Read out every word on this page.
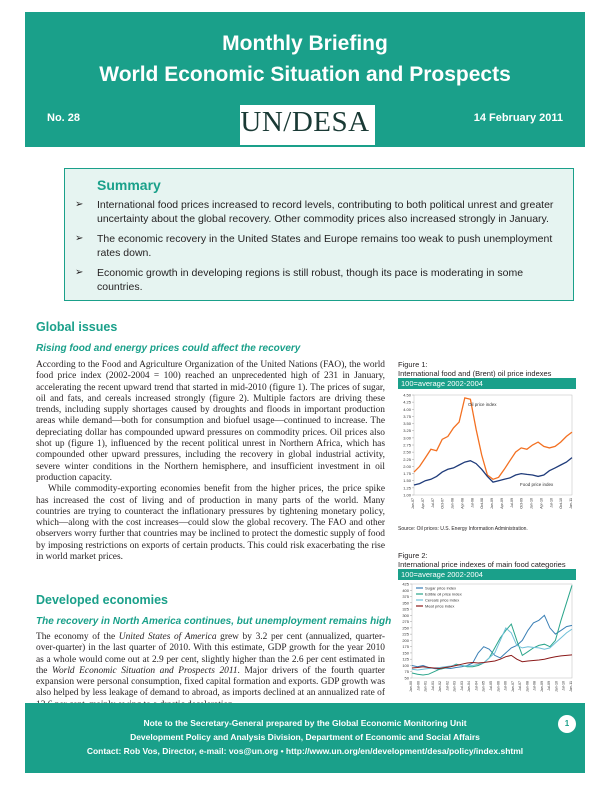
Monthly Briefing
World Economic Situation and Prospects
UN/DESA
No. 28	14 February 2011
Summary
➢ International food prices increased to record levels, contributing to both political unrest and greater uncertainty about the global recovery. Other commodity prices also increased strongly in January.
➢ The economic recovery in the United States and Europe remains too weak to push unemployment rates down.
➢ Economic growth in developing regions is still robust, though its pace is moderating in some countries.
Global issues
Rising food and energy prices could affect the recovery

According to the Food and Agriculture Organization of the United Nations (FAO), the world food price index (2002-2004 = 100) reached an unprecedented high of 231 in January, accelerating the recent upward trend that started in mid-2010 (figure 1). The prices of sugar, oil and fats, and cereals increased strongly (figure 2). Multiple factors are driving these trends, including supply shortages caused by droughts and floods in important production areas while demand—both for consumption and biofuel usage—continued to increase. The depreciating dollar has compounded upward pressures on commodity prices. Oil prices also shot up (figure 1), influenced by the recent political unrest in Northern Africa, which has compounded other upward pressures, including the recovery in global industrial activity, severe winter conditions in the Northern hemisphere, and insufficient investment in oil production capacity.

While commodity-exporting economies benefit from the higher prices, the price spike has increased the cost of living and of production in many parts of the world. Many countries are trying to counteract the inflationary pressures by tightening monetary policy, which—along with the cost increases—could slow the global recovery. The FAO and other observers worry further that countries may be inclined to protect the domestic supply of food by imposing restrictions on exports of certain products. This could risk exacerbating the rise in world market prices.

Developed economies
The recovery in North America continues, but unemployment remains high

The economy of the United States of America grew by 3.2 per cent (annualized, quarter-over-quarter) in the last quarter of 2010. With this estimate, GDP growth for the year 2010 as a whole would come out at 2.9 per cent, slightly higher than the 2.6 per cent estimated in the World Economic Situation and Prospects 2011. Major drivers of the fourth quarter expansion were personal consumption, fixed capital formation and exports. GDP growth was also helped by less leakage of demand to abroad, as imports declined at an annualized rate of

Figure 1:
International food and (Brent) oil price indexes
100=average 2002-2004
1.00
1.25
1.50
1.75
2.00
2.25
2.50
2.75
3.00
3.25
3.50
3.75
4.00
4.25
4.50
Jan-07 Apr-07 Jul-07 Oct-07 Jan-08 Apr-08 Jul-08 Oct-08 Jan-09 Apr-09 Jul-09 Oct-09 Jan-10 Apr-10 Jul-10 Oct-10 Jan-11
Oil price index
Food price index
Source: Oil prices: U.S. Energy Information Administration.
Figure 2:
International price indexes of main food categories
100=average 2002-2004
50
75
100
125
150
175
200
225
250
275
300
325
350
375
400
425
Jan-00 Jul-00 Jan-01 Jul-01 Jan-02 Jul-02 Jan-03 Jul-03 Jan-04 Jul-04 Jan-05 Jul-05 Jan-06 Jul-06 Jan-07 Jul-07 Jan-08 Jul-08 Jan-09 Jul-09 Jan-10 Jul-10 Jan-11
Sugar price index
Edible oil price index
Cereals price index
Meat price index
Note to the Secretary-General prepared by the Global Economic Monitoring Unit
Development Policy and Analysis Division, Department of Economic and Social Affairs
Contact: Rob Vos, Director, e-mail: vos@un.org • http://www.un.org/en/development/desa/policy/index.shtml
1
